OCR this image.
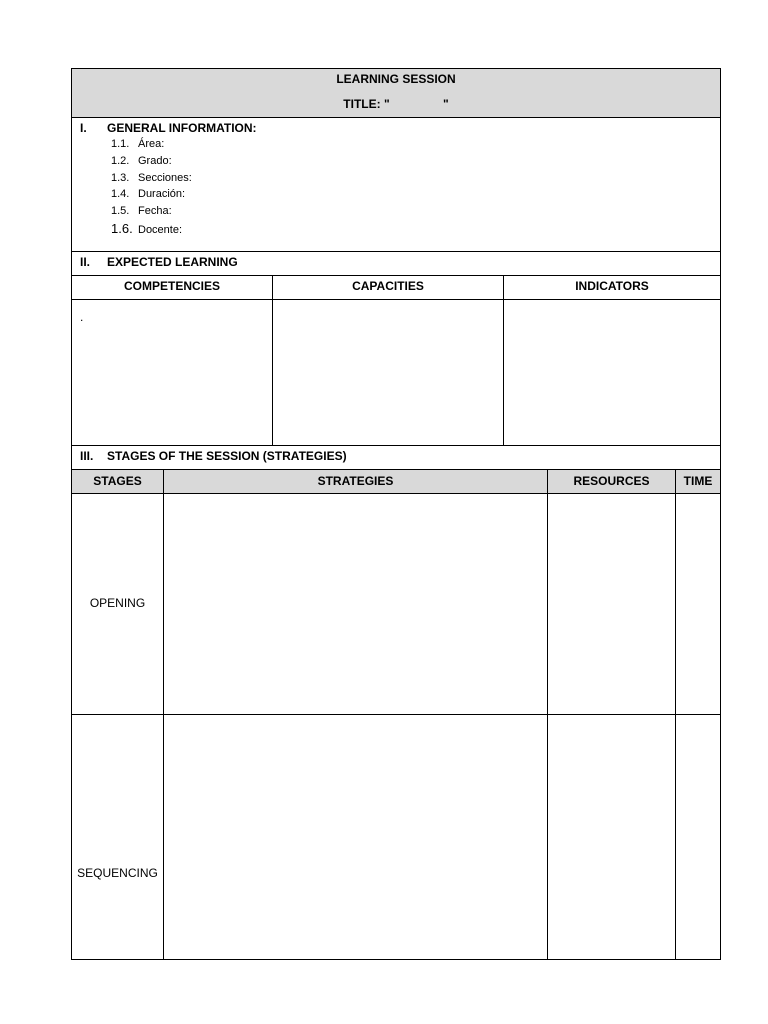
LEARNING SESSION
TITLE: "                "
I. GENERAL INFORMATION:
1.1. Área:
1.2. Grado:
1.3. Secciones:
1.4. Duración:
1.5. Fecha:
1.6. Docente:
II. EXPECTED LEARNING
COMPETENCIES	CAPACITIES	INDICATORS
.
III. STAGES OF THE SESSION (STRATEGIES)
STAGES	STRATEGIES	RESOURCES	TIME
OPENING
SEQUENCING
